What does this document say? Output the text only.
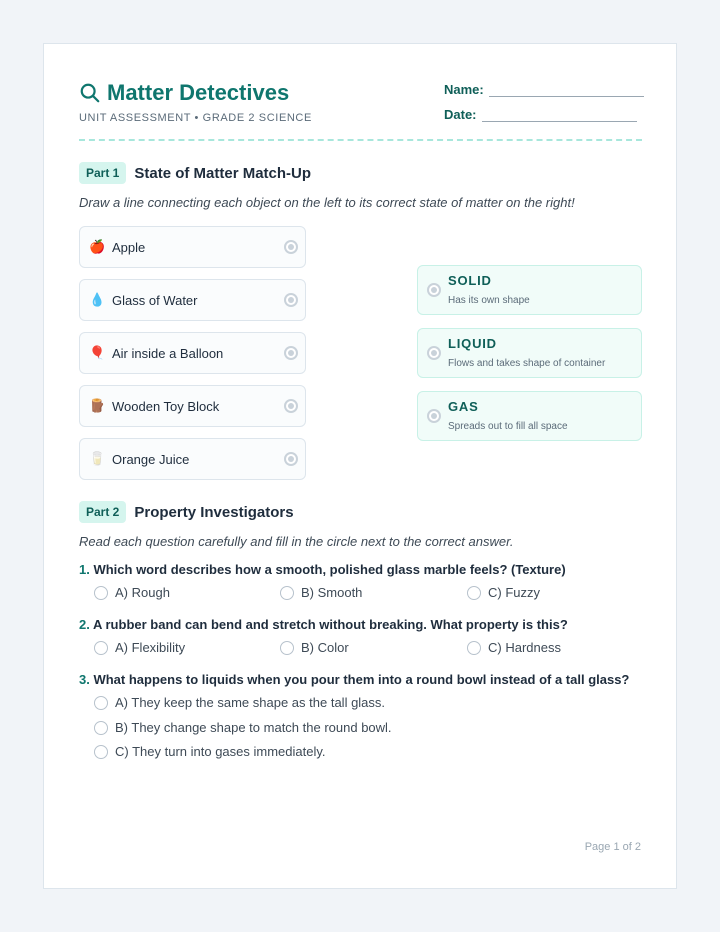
Matter Detectives
UNIT ASSESSMENT • GRADE 2 SCIENCE
Name:
Date:
Part 1	State of Matter Match-Up
Draw a line connecting each object on the left to its correct state of matter on the right!
🍎 Apple
💧 Glass of Water
🎈 Air inside a Balloon
🪵 Wooden Toy Block
🥛 Orange Juice
SOLID
Has its own shape
LIQUID
Flows and takes shape of container
GAS
Spreads out to fill all space
Part 2	Property Investigators
Read each question carefully and fill in the circle next to the correct answer.
1. Which word describes how a smooth, polished glass marble feels? (Texture)
A) Rough	B) Smooth	C) Fuzzy
2. A rubber band can bend and stretch without breaking. What property is this?
A) Flexibility	B) Color	C) Hardness
3. What happens to liquids when you pour them into a round bowl instead of a tall glass?
A) They keep the same shape as the tall glass.
B) They change shape to match the round bowl.
C) They turn into gases immediately.
Page 1 of 2
